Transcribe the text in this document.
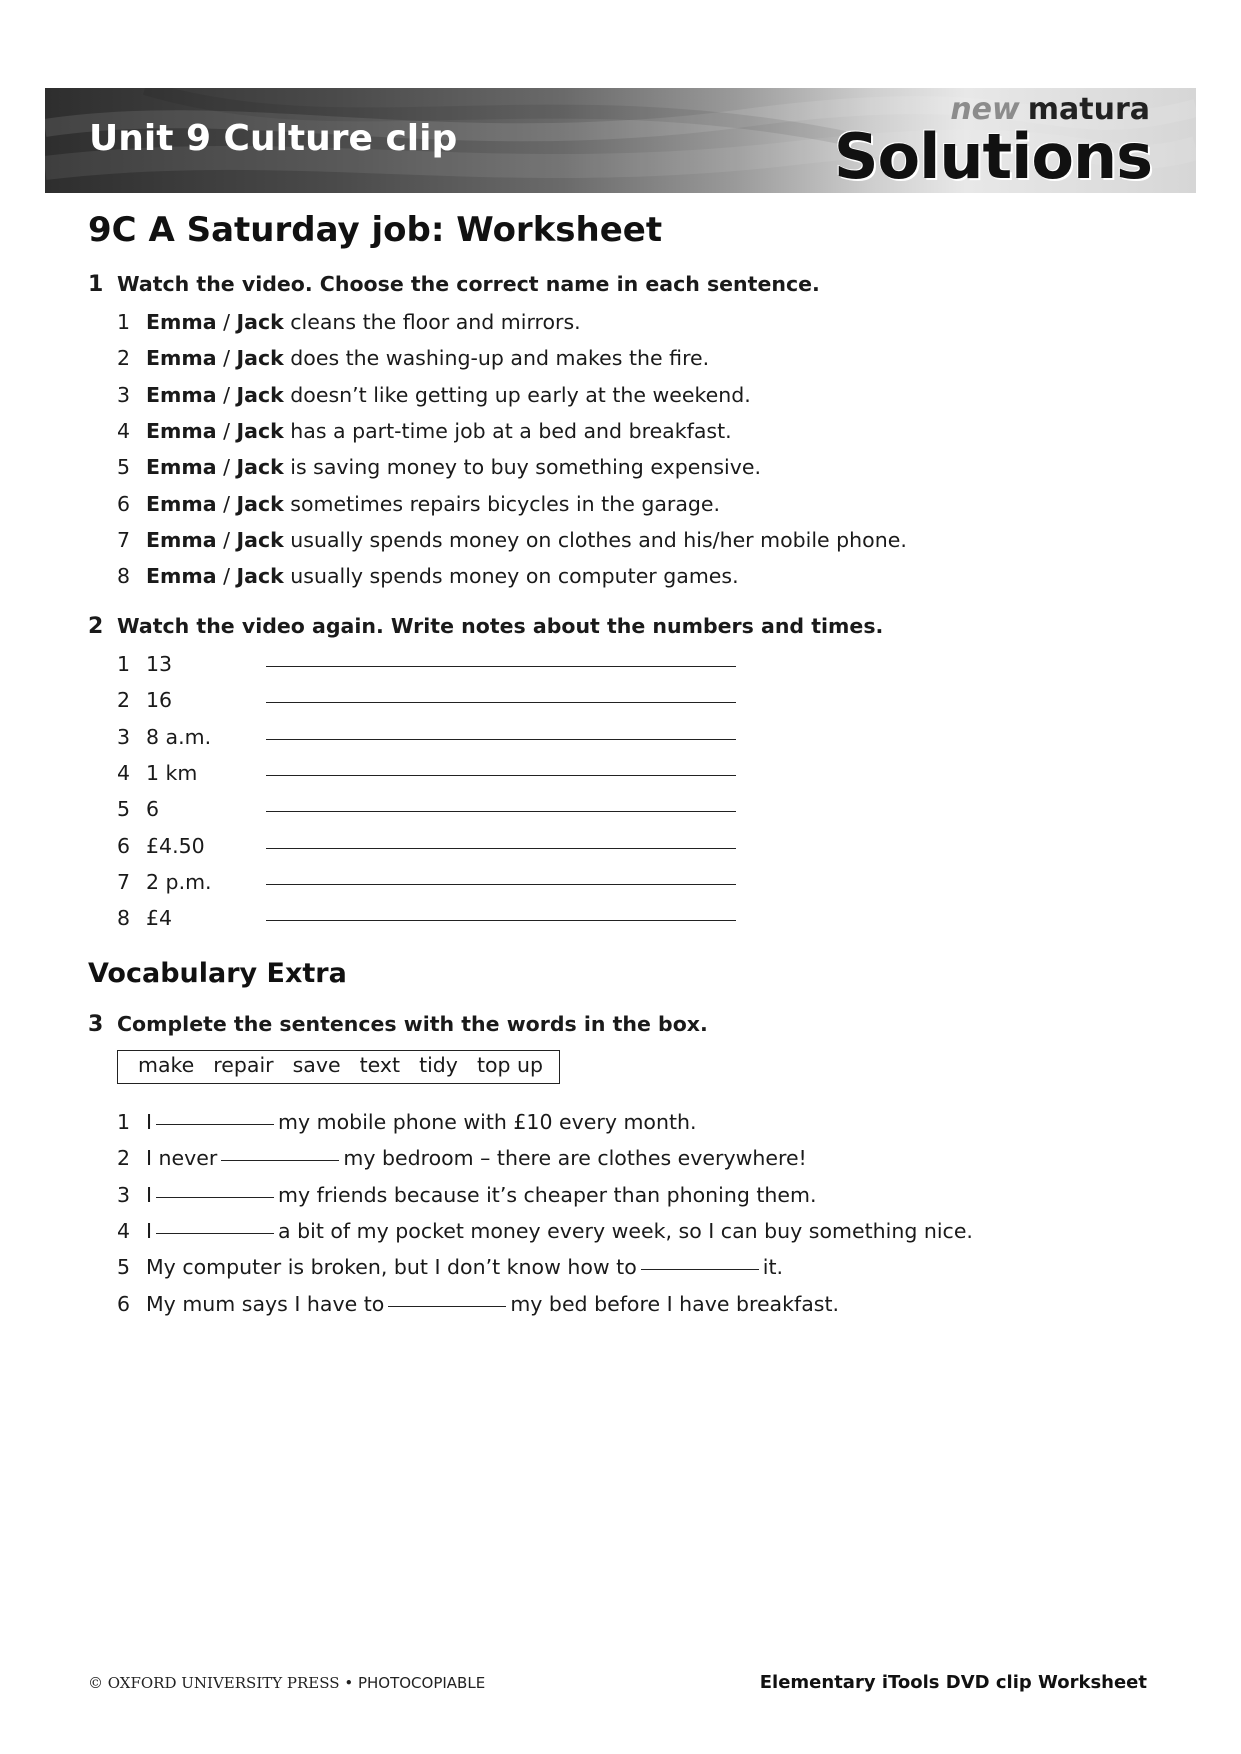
Unit 9 Culture clip
new matura
Solutions
9C A Saturday job: Worksheet
1 Watch the video. Choose the correct name in each sentence.
1 Emma / Jack cleans the floor and mirrors.
2 Emma / Jack does the washing-up and makes the fire.
3 Emma / Jack doesn’t like getting up early at the weekend.
4 Emma / Jack has a part-time job at a bed and breakfast.
5 Emma / Jack is saving money to buy something expensive.
6 Emma / Jack sometimes repairs bicycles in the garage.
7 Emma / Jack usually spends money on clothes and his/her mobile phone.
8 Emma / Jack usually spends money on computer games.
2 Watch the video again. Write notes about the numbers and times.
1 13
2 16
3 8 a.m.
4 1 km
5 6
6 £4.50
7 2 p.m.
8 £4
Vocabulary Extra
3 Complete the sentences with the words in the box.
make repair save text tidy top up
1 I	my mobile phone with £10 every month.
2 I never	my bedroom – there are clothes everywhere!
3 I	my friends because it’s cheaper than phoning them.
4 I	a bit of my pocket money every week, so I can buy something nice.
5 My computer is broken, but I don’t know how to	it.
6 My mum says I have to	my bed before I have breakfast.
© OXFORD UNIVERSITY PRESS • PHOTOCOPIABLE	Elementary iTools DVD clip Worksheet
